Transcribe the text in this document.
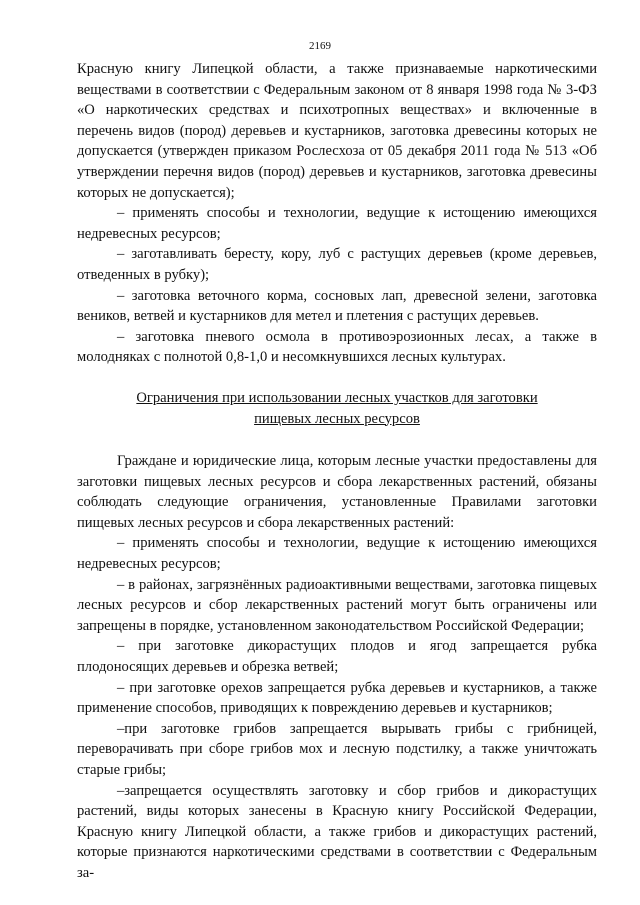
2169

Красную книгу Липецкой области, а также признаваемые наркотическими веществами в соответствии с Федеральным законом от 8 января 1998 года № 3-ФЗ «О наркотических средствах и психотропных веществах» и включенные в перечень видов (пород) деревьев и кустарников, заготовка древесины которых не допускается (утвержден приказом Рослесхоза от 05 декабря 2011 года № 513 «Об утверждении перечня видов (пород) деревьев и кустарников, заготовка древесины которых не допускается);

– применять способы и технологии, ведущие к истощению имеющихся недревесных ресурсов;

– заготавливать бересту, кору, луб с растущих деревьев (кроме деревьев, отведенных в рубку);

– заготовка веточного корма, сосновых лап, древесной зелени, заготовка веников, ветвей и кустарников для метел и плетения с растущих деревьев.

– заготовка пневого осмола в противоэрозионных лесах, а также в молодняках с полнотой 0,8-1,0 и несомкнувшихся лесных культурах.

Ограничения при использовании лесных участков для заготовки
пищевых лесных ресурсов

Граждане и юридические лица, которым лесные участки предоставлены для заготовки пищевых лесных ресурсов и сбора лекарственных растений, обязаны соблюдать следующие ограничения, установленные Правилами заготовки пищевых лесных ресурсов и сбора лекарственных растений:

– применять способы и технологии, ведущие к истощению имеющихся недревесных ресурсов;

– в районах, загрязнённых радиоактивными веществами, заготовка пищевых лесных ресурсов и сбор лекарственных растений могут быть ограничены или запрещены в порядке, установленном законодательством Российской Федерации;

– при заготовке дикорастущих плодов и ягод запрещается рубка плодоносящих деревьев и обрезка ветвей;

– при заготовке орехов запрещается рубка деревьев и кустарников, а также применение способов, приводящих к повреждению деревьев и кустарников;

–при заготовке грибов запрещается вырывать грибы с грибницей, переворачивать при сборе грибов мох и лесную подстилку, а также уничтожать старые грибы;

–запрещается осуществлять заготовку и сбор грибов и дикорастущих растений, виды которых занесены в Красную книгу Российской Федерации, Красную книгу Липецкой области, а также грибов и дикорастущих растений, которые признаются наркотическими средствами в соответствии с Федеральным за-
